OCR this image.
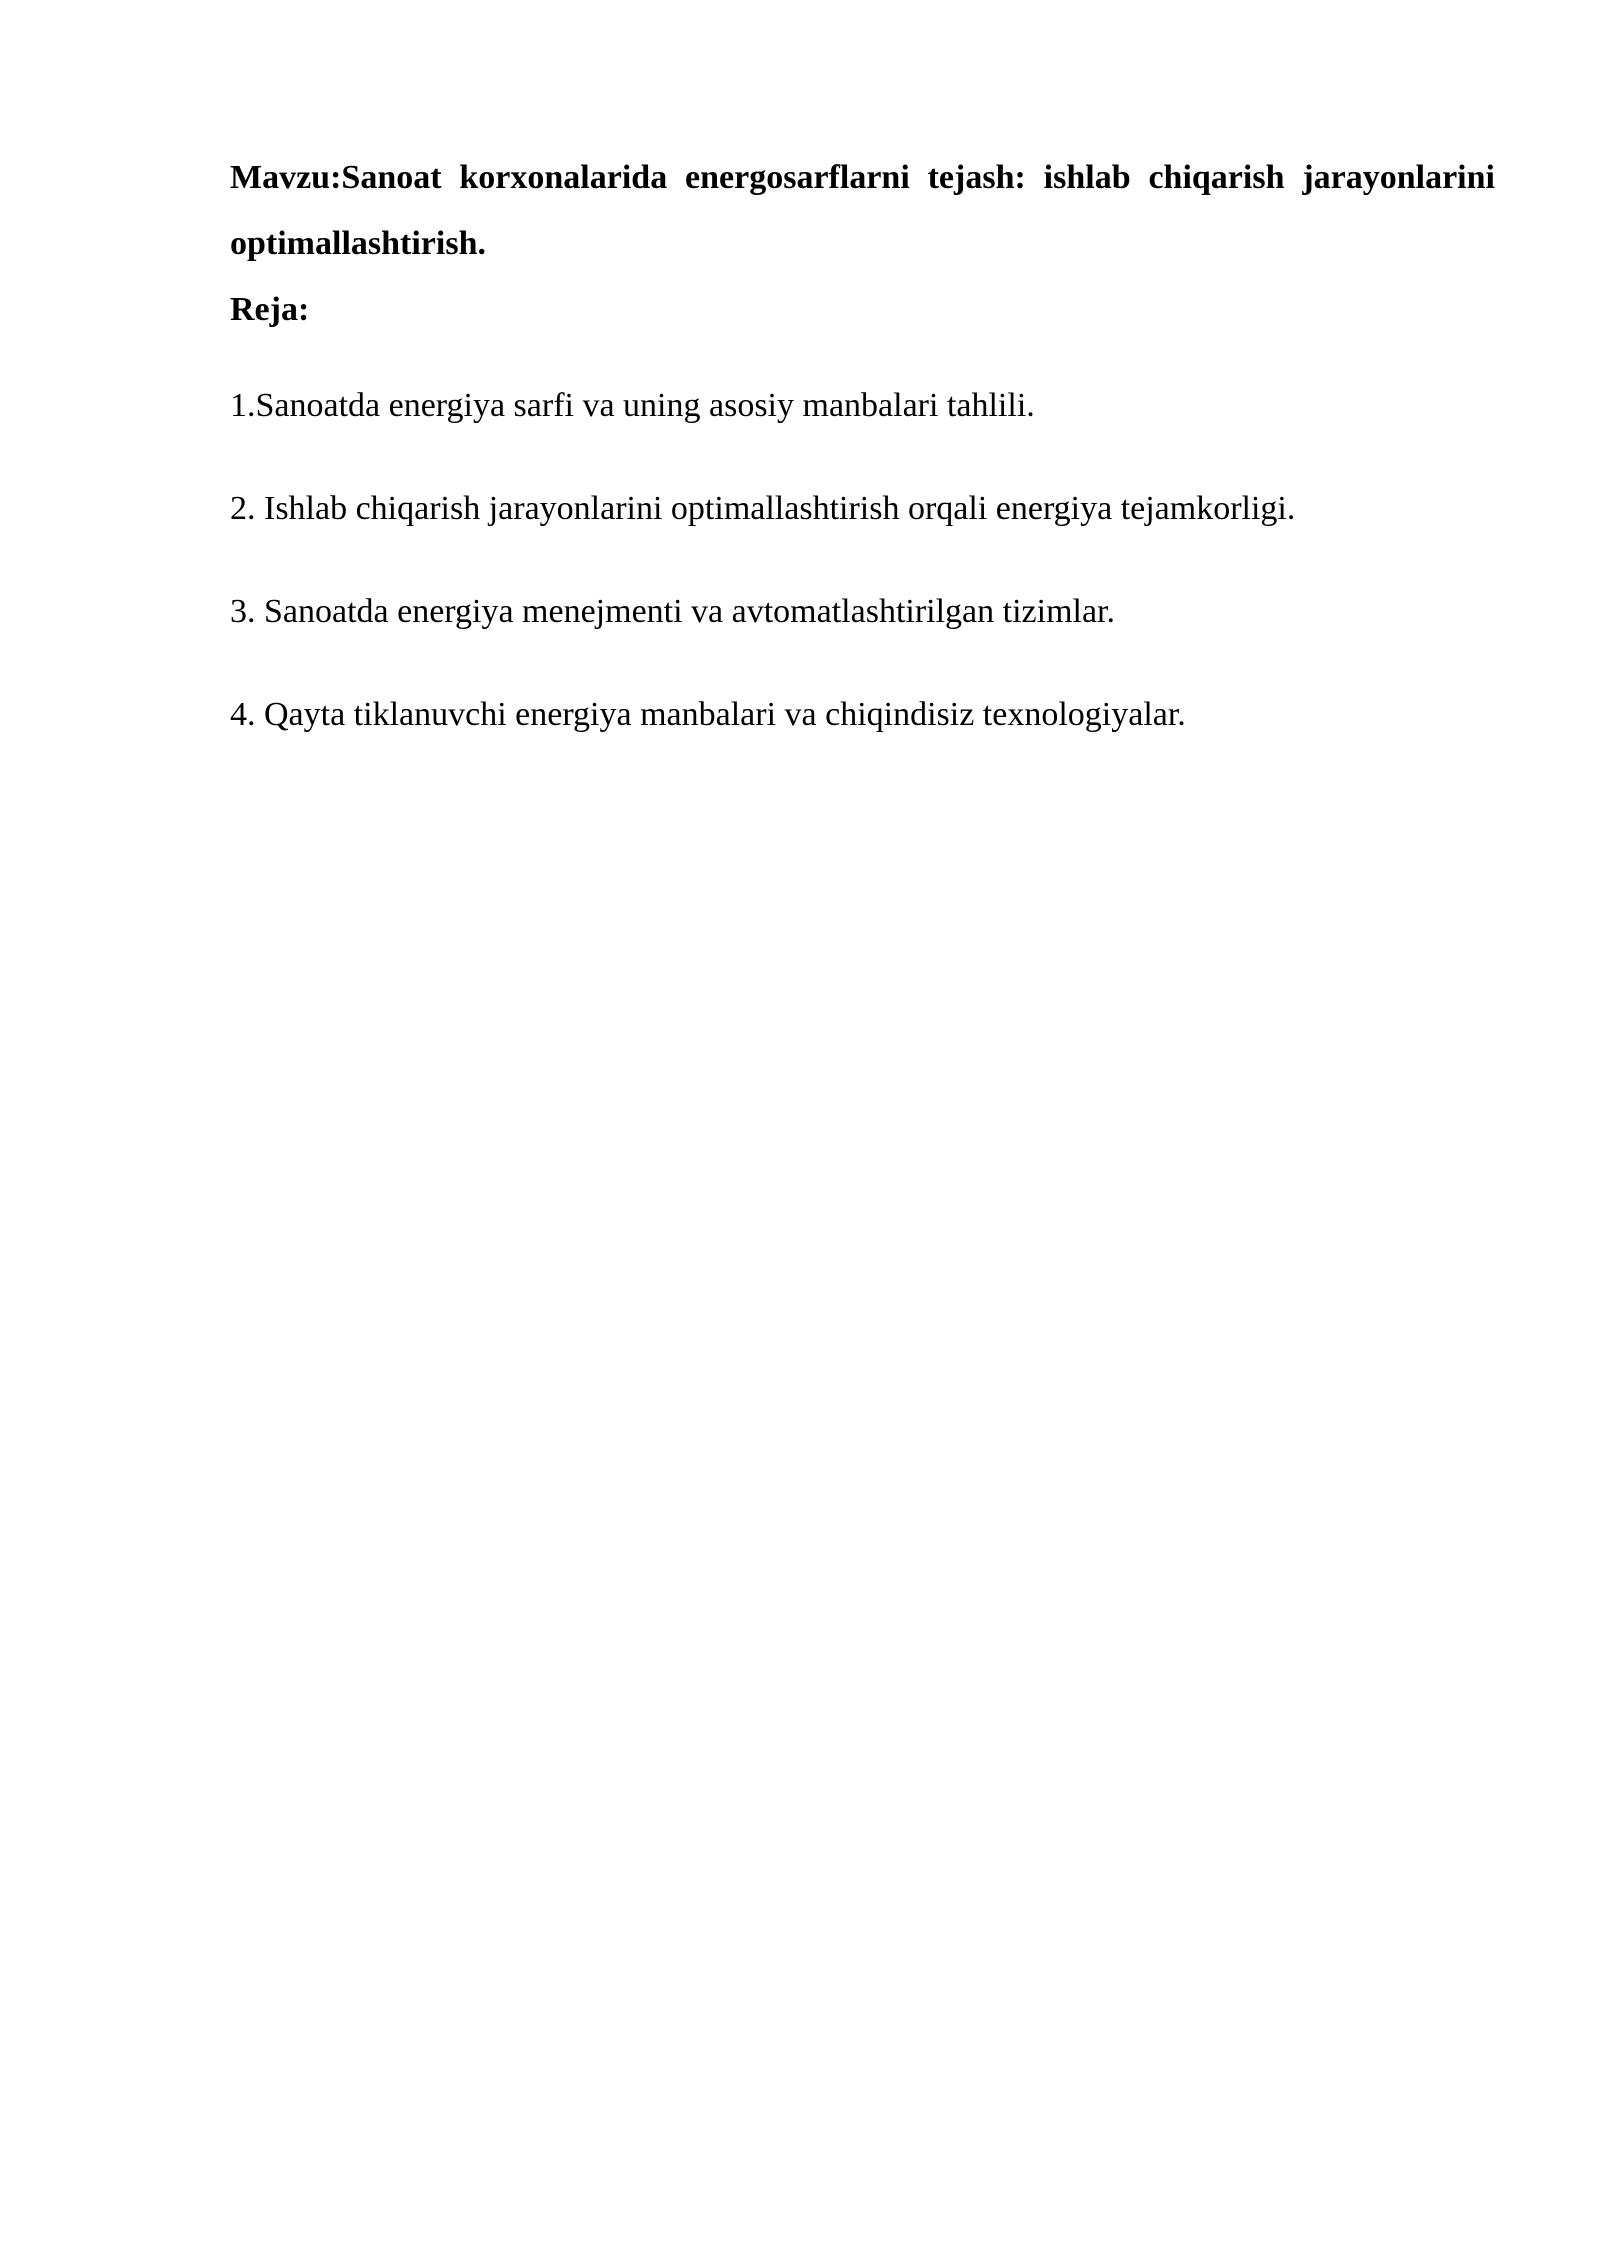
Mavzu:Sanoat korxonalarida energosarflarni tejash: ishlab chiqarish jarayonlarini optimallashtirish.

Reja:

1.Sanoatda energiya sarfi va uning asosiy manbalari tahlili.
2. Ishlab chiqarish jarayonlarini optimallashtirish orqali energiya tejamkorligi.
3. Sanoatda energiya menejmenti va avtomatlashtirilgan tizimlar.
4. Qayta tiklanuvchi energiya manbalari va chiqindisiz texnologiyalar.
